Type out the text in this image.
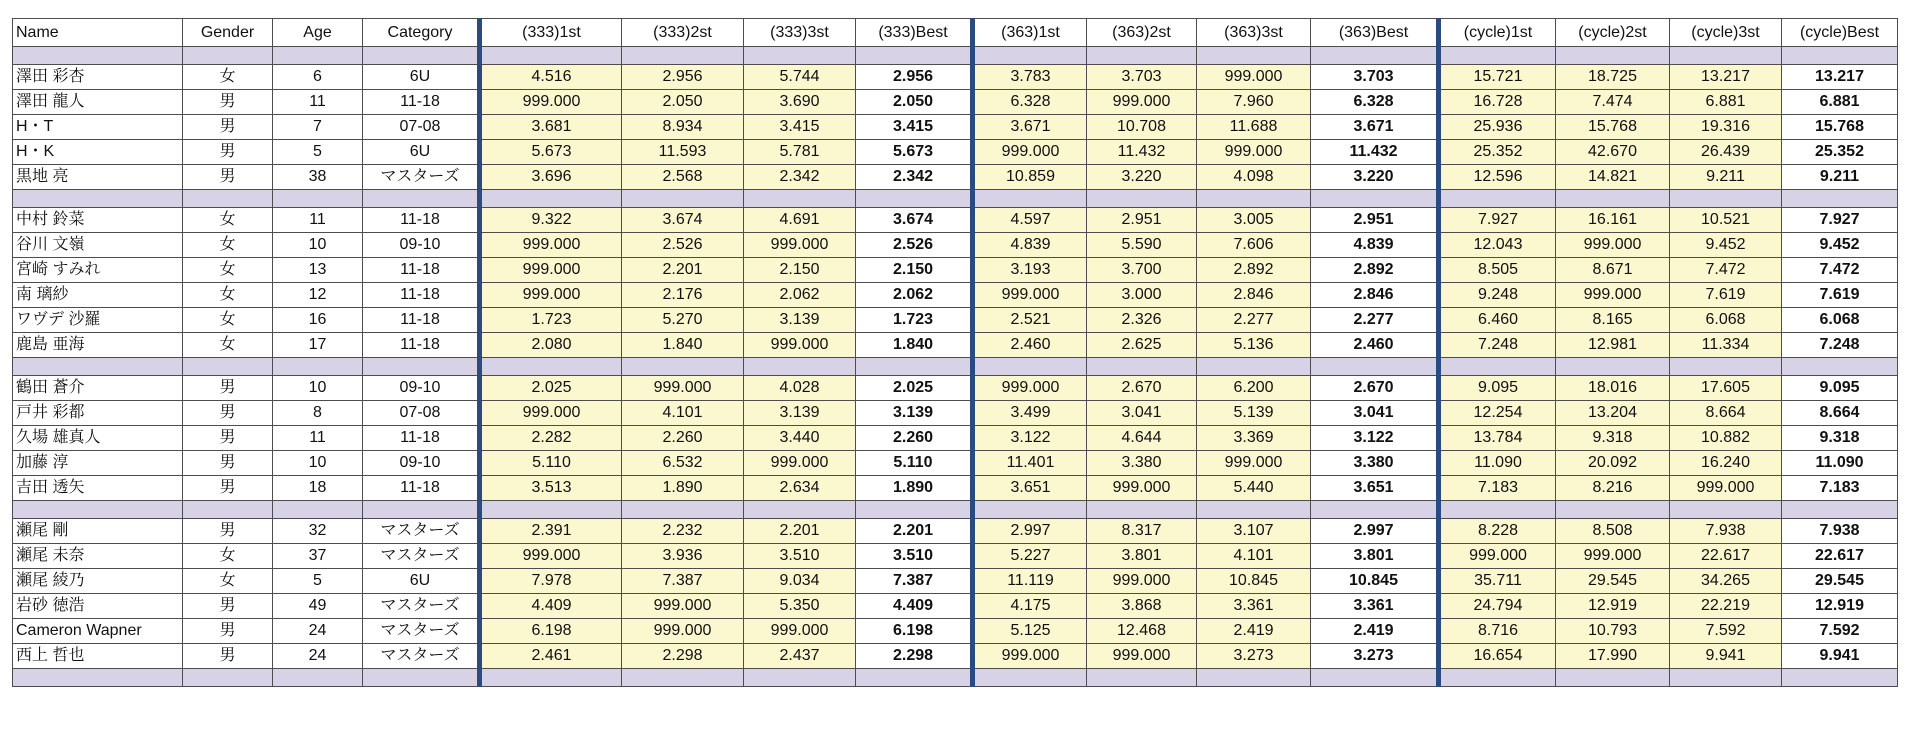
Name	Gender	Age	Category	(333)1st	(333)2st	(333)3st	(333)Best	(363)1st	(363)2st	(363)3st	(363)Best	(cycle)1st	(cycle)2st	(cycle)3st	(cycle)Best

澤田 彩杏	女	6	6U	4.516	2.956	5.744	2.956	3.783	3.703	999.000	3.703	15.721	18.725	13.217	13.217
澤田 龍人	男	11	11-18	999.000	2.050	3.690	2.050	6.328	999.000	7.960	6.328	16.728	7.474	6.881	6.881
H・T	男	7	07-08	3.681	8.934	3.415	3.415	3.671	10.708	11.688	3.671	25.936	15.768	19.316	15.768
H・K	男	5	6U	5.673	11.593	5.781	5.673	999.000	11.432	999.000	11.432	25.352	42.670	26.439	25.352
黒地 亮	男	38	マスターズ	3.696	2.568	2.342	2.342	10.859	3.220	4.098	3.220	12.596	14.821	9.211	9.211

中村 鈴菜	女	11	11-18	9.322	3.674	4.691	3.674	4.597	2.951	3.005	2.951	7.927	16.161	10.521	7.927
谷川 文嶺	女	10	09-10	999.000	2.526	999.000	2.526	4.839	5.590	7.606	4.839	12.043	999.000	9.452	9.452
宮崎 すみれ	女	13	11-18	999.000	2.201	2.150	2.150	3.193	3.700	2.892	2.892	8.505	8.671	7.472	7.472
南 璃紗	女	12	11-18	999.000	2.176	2.062	2.062	999.000	3.000	2.846	2.846	9.248	999.000	7.619	7.619
ワヴデ 沙羅	女	16	11-18	1.723	5.270	3.139	1.723	2.521	2.326	2.277	2.277	6.460	8.165	6.068	6.068
鹿島 亜海	女	17	11-18	2.080	1.840	999.000	1.840	2.460	2.625	5.136	2.460	7.248	12.981	11.334	7.248

鶴田 蒼介	男	10	09-10	2.025	999.000	4.028	2.025	999.000	2.670	6.200	2.670	9.095	18.016	17.605	9.095
戸井 彩都	男	8	07-08	999.000	4.101	3.139	3.139	3.499	3.041	5.139	3.041	12.254	13.204	8.664	8.664
久場 雄真人	男	11	11-18	2.282	2.260	3.440	2.260	3.122	4.644	3.369	3.122	13.784	9.318	10.882	9.318
加藤 淳	男	10	09-10	5.110	6.532	999.000	5.110	11.401	3.380	999.000	3.380	11.090	20.092	16.240	11.090
吉田 透矢	男	18	11-18	3.513	1.890	2.634	1.890	3.651	999.000	5.440	3.651	7.183	8.216	999.000	7.183

瀬尾 剛	男	32	マスターズ	2.391	2.232	2.201	2.201	2.997	8.317	3.107	2.997	8.228	8.508	7.938	7.938
瀬尾 未奈	女	37	マスターズ	999.000	3.936	3.510	3.510	5.227	3.801	4.101	3.801	999.000	999.000	22.617	22.617
瀬尾 綾乃	女	5	6U	7.978	7.387	9.034	7.387	11.119	999.000	10.845	10.845	35.711	29.545	34.265	29.545
岩砂 徳浩	男	49	マスターズ	4.409	999.000	5.350	4.409	4.175	3.868	3.361	3.361	24.794	12.919	22.219	12.919
Cameron Wapner	男	24	マスターズ	6.198	999.000	999.000	6.198	5.125	12.468	2.419	2.419	8.716	10.793	7.592	7.592
西上 哲也	男	24	マスターズ	2.461	2.298	2.437	2.298	999.000	999.000	3.273	3.273	16.654	17.990	9.941	9.941
